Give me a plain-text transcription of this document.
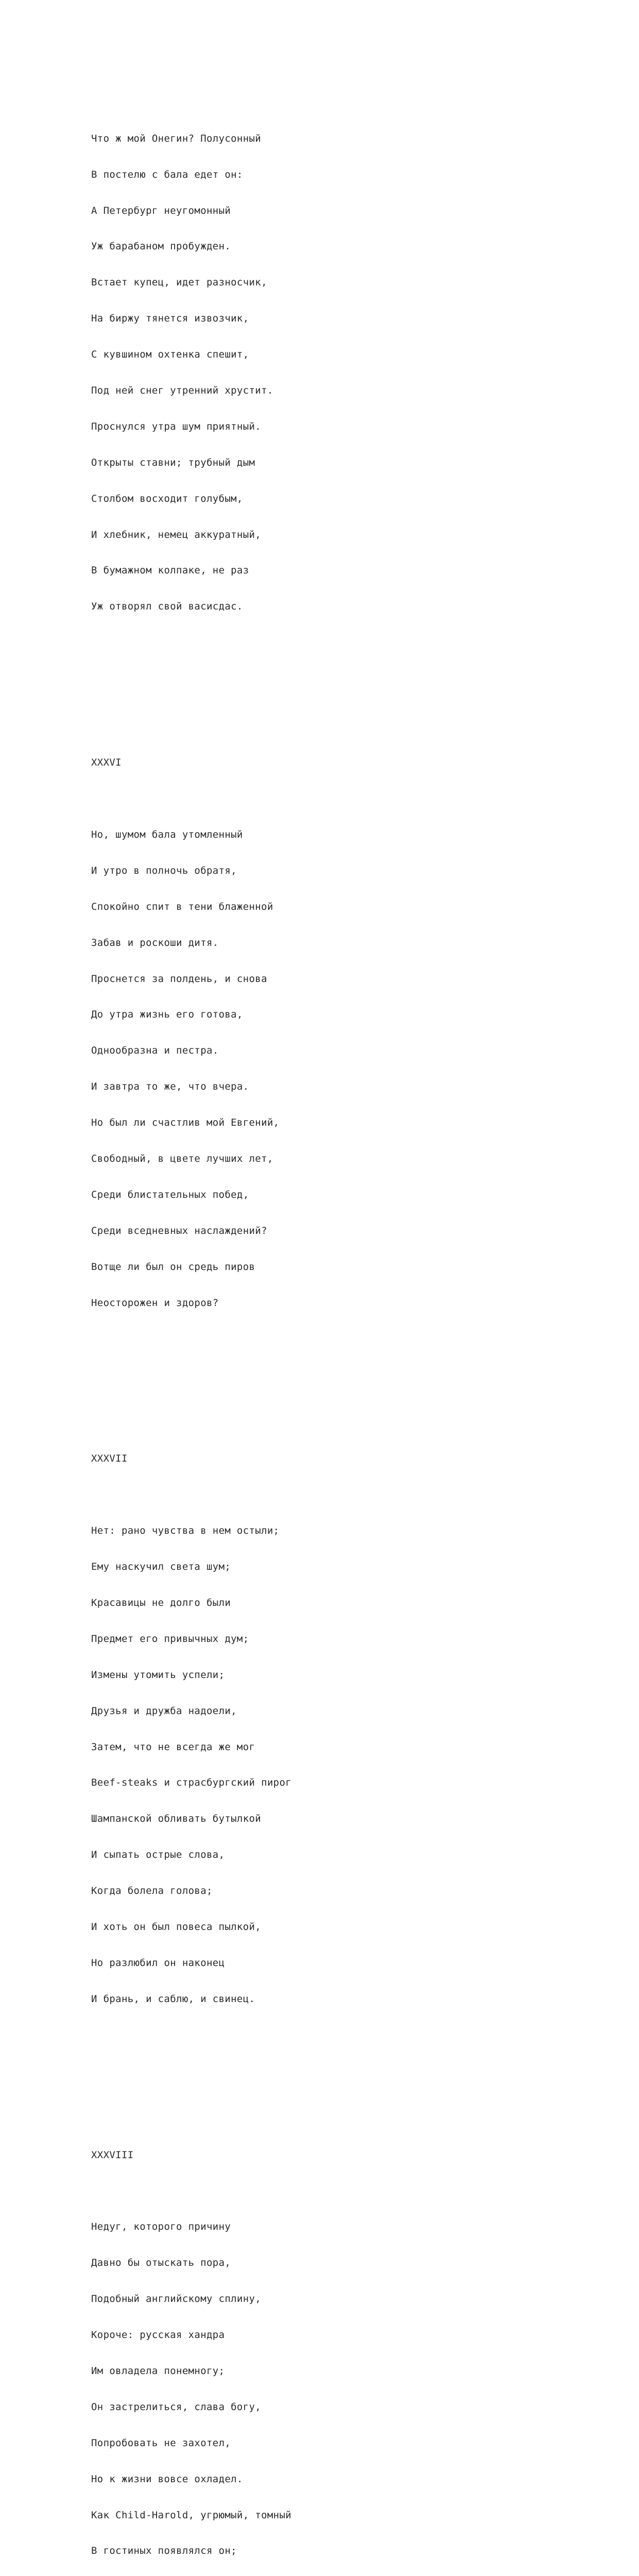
Что ж мой Онегин? Полусонный

В постелю с бала едет он:

А Петербург неугомонный

Уж барабаном пробужден.

Встает купец, идет разносчик,

На биржу тянется извозчик,

С кувшином охтенка спешит,

Под ней снег утренний хрустит.

Проснулся утра шум приятный.

Открыты ставни; трубный дым

Столбом восходит голубым,

И хлебник, немец аккуратный,

В бумажном колпаке, не раз

Уж отворял свой васисдас.

XXXVI

Но, шумом бала утомленный

И утро в полночь обратя,

Спокойно спит в тени блаженной

Забав и роскоши дитя.

Проснется за полдень, и снова

До утра жизнь его готова,

Однообразна и пестра.

И завтра то же, что вчера.

Но был ли счастлив мой Евгений,

Свободный, в цвете лучших лет,

Среди блистательных побед,

Среди вседневных наслаждений?

Вотще ли был он средь пиров

Неосторожен и здоров?

XXXVII

Нет: рано чувства в нем остыли;

Ему наскучил света шум;

Красавицы не долго были

Предмет его привычных дум;

Измены утомить успели;

Друзья и дружба надоели,

Затем, что не всегда же мог

Beef-steaks и страсбургский пирог

Шампанской обливать бутылкой

И сыпать острые слова,

Когда болела голова;

И хоть он был повеса пылкой,

Но разлюбил он наконец

И брань, и саблю, и свинец.

XXXVIII

Недуг, которого причину

Давно бы отыскать пора,

Подобный английскому сплину,

Короче: русская хандра

Им овладела понемногу;

Он застрелиться, слава богу,

Попробовать не захотел,

Но к жизни вовсе охладел.

Как Child-Harold, угрюмый, томный

В гостиных появлялся он;
